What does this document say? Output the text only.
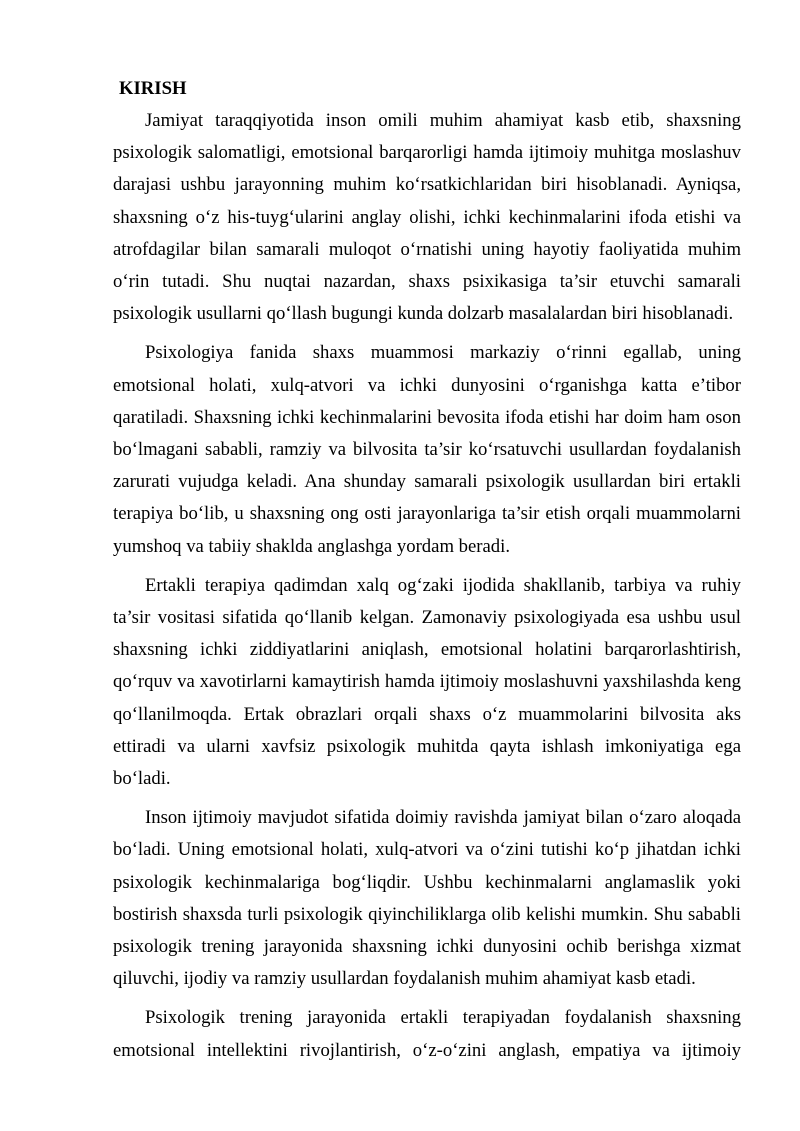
KIRISH

Jamiyat taraqqiyotida inson omili muhim ahamiyat kasb etib, shaxsning psixologik salomatligi, emotsional barqarorligi hamda ijtimoiy muhitga moslashuv darajasi ushbu jarayonning muhim ko‘rsatkichlaridan biri hisoblanadi. Ayniqsa, shaxsning o‘z his-tuyg‘ularini anglay olishi, ichki kechinmalarini ifoda etishi va atrofdagilar bilan samarali muloqot o‘rnatishi uning hayotiy faoliyatida muhim o‘rin tutadi. Shu nuqtai nazardan, shaxs psixikasiga ta’sir etuvchi samarali psixologik usullarni qo‘llash bugungi kunda dolzarb masalalardan biri hisoblanadi.

Psixologiya fanida shaxs muammosi markaziy o‘rinni egallab, uning emotsional holati, xulq-atvori va ichki dunyosini o‘rganishga katta e’tibor qaratiladi. Shaxsning ichki kechinmalarini bevosita ifoda etishi har doim ham oson bo‘lmagani sababli, ramziy va bilvosita ta’sir ko‘rsatuvchi usullardan foydalanish zarurati vujudga keladi. Ana shunday samarali psixologik usullardan biri ertakli terapiya bo‘lib, u shaxsning ong osti jarayonlariga ta’sir etish orqali muammolarni yumshoq va tabiiy shaklda anglashga yordam beradi.

Ertakli terapiya qadimdan xalq og‘zaki ijodida shakllanib, tarbiya va ruhiy ta’sir vositasi sifatida qo‘llanib kelgan. Zamonaviy psixologiyada esa ushbu usul shaxsning ichki ziddiyatlarini aniqlash, emotsional holatini barqarorlashtirish, qo‘rquv va xavotirlarni kamaytirish hamda ijtimoiy moslashuvni yaxshilashda keng qo‘llanilmoqda. Ertak obrazlari orqali shaxs o‘z muammolarini bilvosita aks ettiradi va ularni xavfsiz psixologik muhitda qayta ishlash imkoniyatiga ega bo‘ladi.

Inson ijtimoiy mavjudot sifatida doimiy ravishda jamiyat bilan o‘zaro aloqada bo‘ladi. Uning emotsional holati, xulq-atvori va o‘zini tutishi ko‘p jihatdan ichki psixologik kechinmalariga bog‘liqdir. Ushbu kechinmalarni anglamaslik yoki bostirish shaxsda turli psixologik qiyinchiliklarga olib kelishi mumkin. Shu sababli psixologik trening jarayonida shaxsning ichki dunyosini ochib berishga xizmat qiluvchi, ijodiy va ramziy usullardan foydalanish muhim ahamiyat kasb etadi.

Psixologik trening jarayonida ertakli terapiyadan foydalanish shaxsning emotsional intellektini rivojlantirish, o‘z-o‘zini anglash, empatiya va ijtimoiy
